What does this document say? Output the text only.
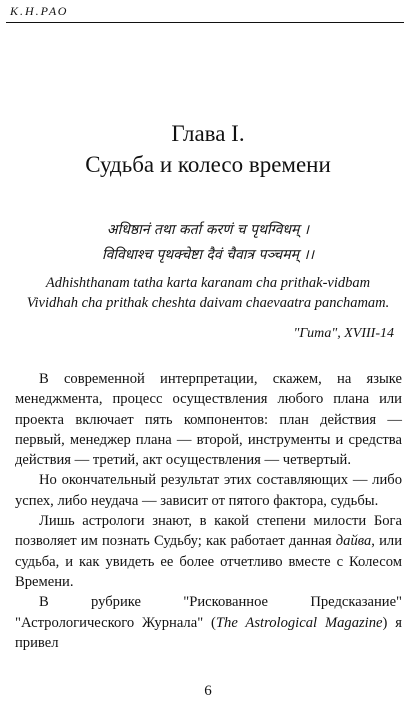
К.Н.РАО
Глава I.
Судьба и колесо времени
अधिष्ठानं तथा कर्ता करणं च पृथग्विधम् ।
विविधाश्च पृथक्चेष्टा दैवं चैवात्र पञ्चमम् ।।
Adhishthanam tatha karta karanam cha prithak-vidbam
Vividhah cha prithak cheshta daivam chaevaatra panchamam.
"Гита", XVIII-14

В современной интерпретации, скажем, на языке менеджмента, процесс осуществления любого плана или проекта включает пять компонентов: план действия — первый, менеджер плана — второй, инструменты и средства действия — третий, акт осуществления — четвертый.

Но окончательный результат этих составляющих — либо успех, либо неудача — зависит от пятого фактора, судьбы.

Лишь астрологи знают, в какой степени милости Бога позволяет им познать Судьбу; как работает данная дайва, или судьба, и как увидеть ее более отчетливо вместе с Колесом Времени.

В рубрике "Рискованное Предсказание" "Астрологического Журнала" (The Astrological Magazine) я привел

6
